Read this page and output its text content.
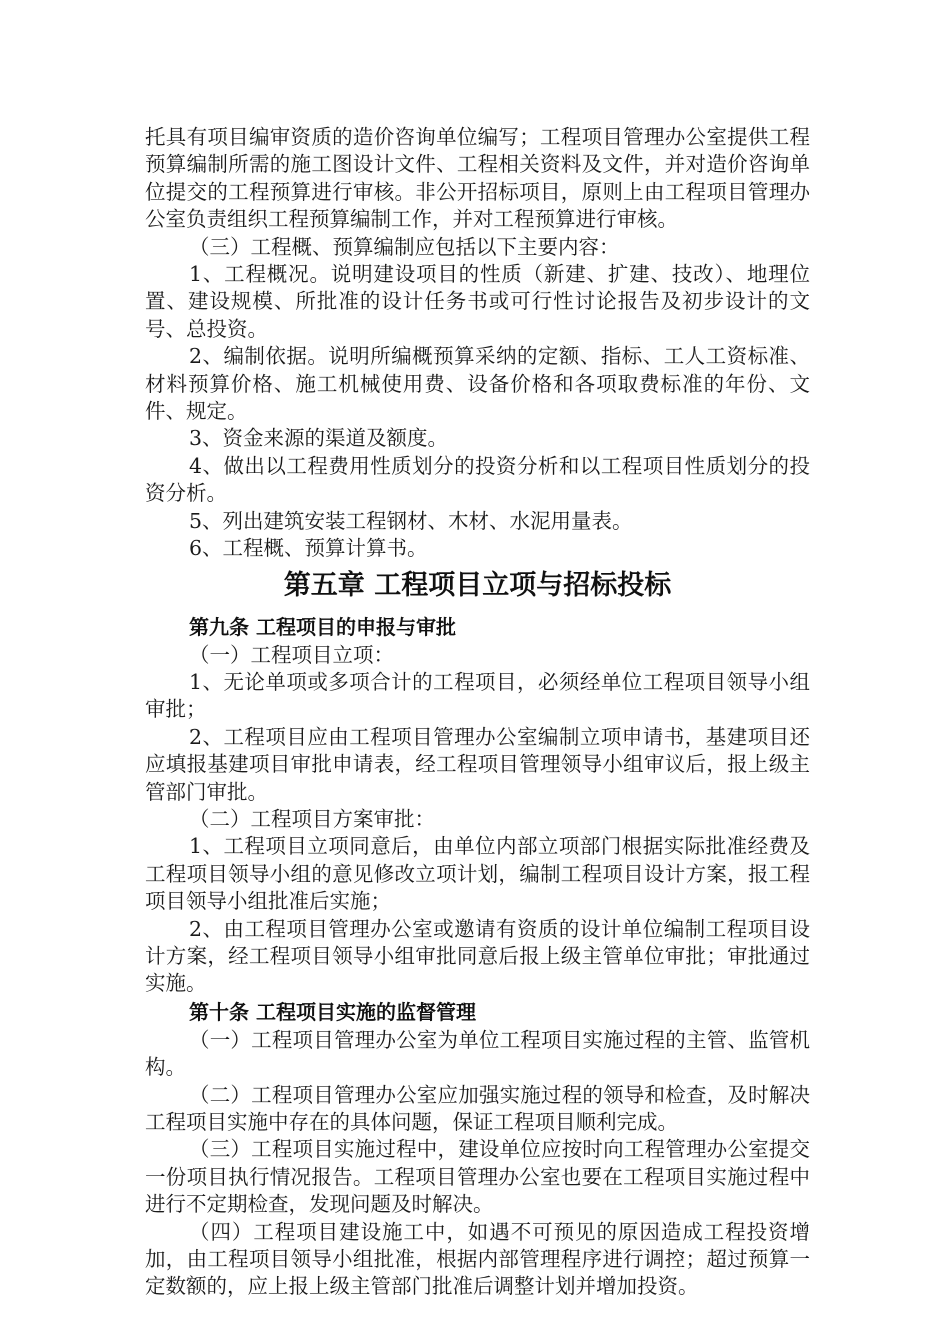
托具有项目编审资质的造价咨询单位编写；工程项目管理办公室提供工程预算编制所需的施工图设计文件、工程相关资料及文件，并对造价咨询单位提交的工程预算进行审核。非公开招标项目，原则上由工程项目管理办公室负责组织工程预算编制工作，并对工程预算进行审核。

（三）工程概、预算编制应包括以下主要内容：

1、工程概况。说明建设项目的性质（新建、扩建、技改）、地理位置、建设规模、所批准的设计任务书或可行性讨论报告及初步设计的文号、总投资。

2、编制依据。说明所编概预算采纳的定额、指标、工人工资标准、材料预算价格、施工机械使用费、设备价格和各项取费标准的年份、文件、规定。

3、资金来源的渠道及额度。

4、做出以工程费用性质划分的投资分析和以工程项目性质划分的投资分析。

5、列出建筑安装工程钢材、木材、水泥用量表。

6、工程概、预算计算书。

第五章 工程项目立项与招标投标
第九条 工程项目的申报与审批

（一）工程项目立项：

1、无论单项或多项合计的工程项目，必须经单位工程项目领导小组审批；

2、工程项目应由工程项目管理办公室编制立项申请书，基建项目还应填报基建项目审批申请表，经工程项目管理领导小组审议后，报上级主管部门审批。

（二）工程项目方案审批：

1、工程项目立项同意后，由单位内部立项部门根据实际批准经费及工程项目领导小组的意见修改立项计划，编制工程项目设计方案，报工程项目领导小组批准后实施；

2、由工程项目管理办公室或邀请有资质的设计单位编制工程项目设计方案，经工程项目领导小组审批同意后报上级主管单位审批；审批通过实施。

第十条 工程项目实施的监督管理

（一）工程项目管理办公室为单位工程项目实施过程的主管、监管机构。

（二）工程项目管理办公室应加强实施过程的领导和检查，及时解决工程项目实施中存在的具体问题，保证工程项目顺利完成。

（三）工程项目实施过程中，建设单位应按时向工程管理办公室提交一份项目执行情况报告。工程项目管理办公室也要在工程项目实施过程中进行不定期检查，发现问题及时解决。

（四）工程项目建设施工中，如遇不可预见的原因造成工程投资增加，由工程项目领导小组批准，根据内部管理程序进行调控；超过预算一定数额的，应上报上级主管部门批准后调整计划并增加投资。
